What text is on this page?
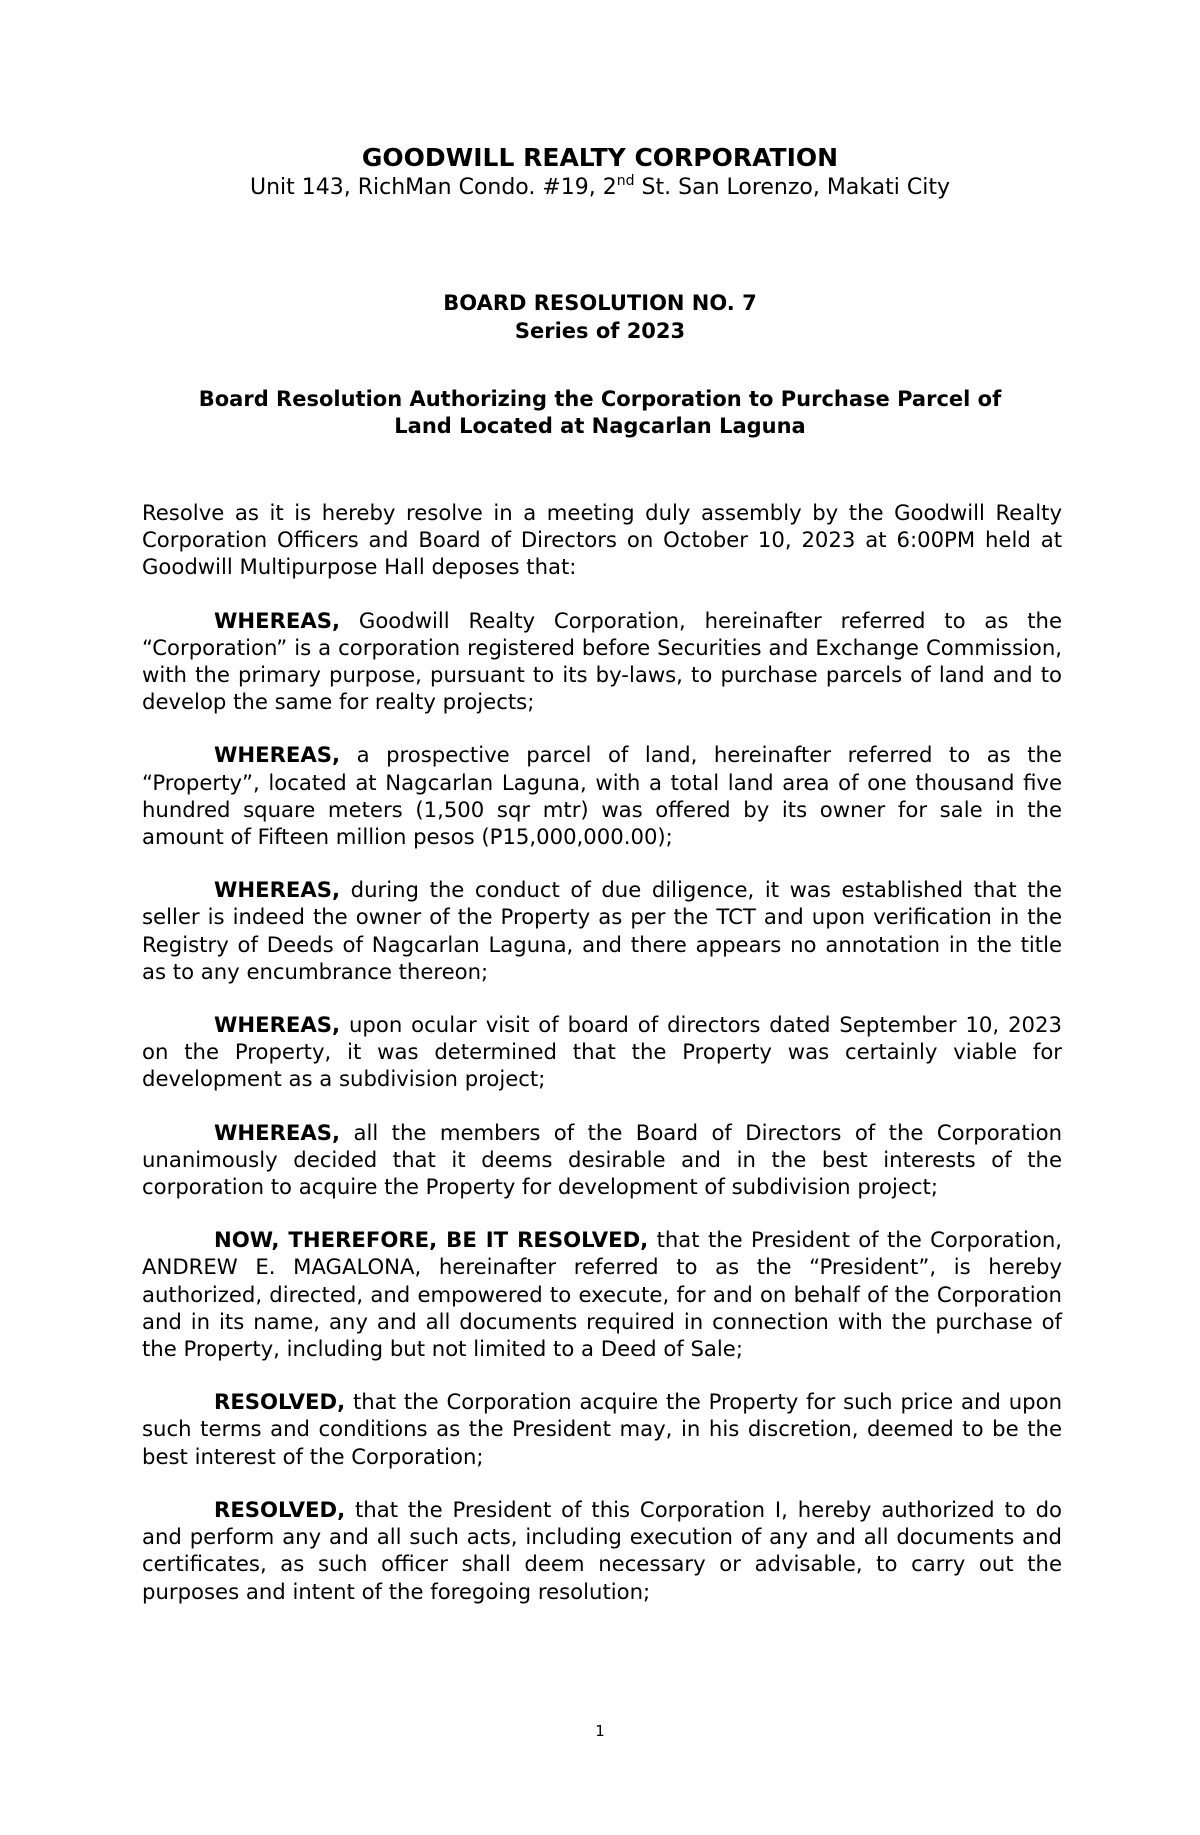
GOODWILL REALTY CORPORATION
Unit 143, RichMan Condo. #19, 2nd St. San Lorenzo, Makati City
BOARD RESOLUTION NO. 7
Series of 2023
Board Resolution Authorizing the Corporation to Purchase Parcel of
Land Located at Nagcarlan Laguna

Resolve as it is hereby resolve in a meeting duly assembly by the Goodwill Realty Corporation Officers and Board of Directors on October 10, 2023 at 6:00PM held at Goodwill Multipurpose Hall deposes that:

WHEREAS, Goodwill Realty Corporation, hereinafter referred to as the “Corporation” is a corporation registered before Securities and Exchange Commission, with the primary purpose, pursuant to its by-laws, to purchase parcels of land and to develop the same for realty projects;

WHEREAS, a prospective parcel of land, hereinafter referred to as the “Property”, located at Nagcarlan Laguna, with a total land area of one thousand five hundred square meters (1,500 sqr mtr) was offered by its owner for sale in the amount of Fifteen million pesos (P15,000,000.00);

WHEREAS, during the conduct of due diligence, it was established that the seller is indeed the owner of the Property as per the TCT and upon verification in the Registry of Deeds of Nagcarlan Laguna, and there appears no annotation in the title as to any encumbrance thereon;

WHEREAS, upon ocular visit of board of directors dated September 10, 2023 on the Property, it was determined that the Property was certainly viable for development as a subdivision project;

WHEREAS, all the members of the Board of Directors of the Corporation unanimously decided that it deems desirable and in the best interests of the corporation to acquire the Property for development of subdivision project;

NOW, THEREFORE, BE IT RESOLVED, that the President of the Corporation, ANDREW E. MAGALONA, hereinafter referred to as the “President”, is hereby authorized, directed, and empowered to execute, for and on behalf of the Corporation and in its name, any and all documents required in connection with the purchase of the Property, including but not limited to a Deed of Sale;

RESOLVED, that the Corporation acquire the Property for such price and upon such terms and conditions as the President may, in his discretion, deemed to be the best interest of the Corporation;

RESOLVED, that the President of this Corporation I, hereby authorized to do and perform any and all such acts, including execution of any and all documents and certificates, as such officer shall deem necessary or advisable, to carry out the purposes and intent of the foregoing resolution;

1
